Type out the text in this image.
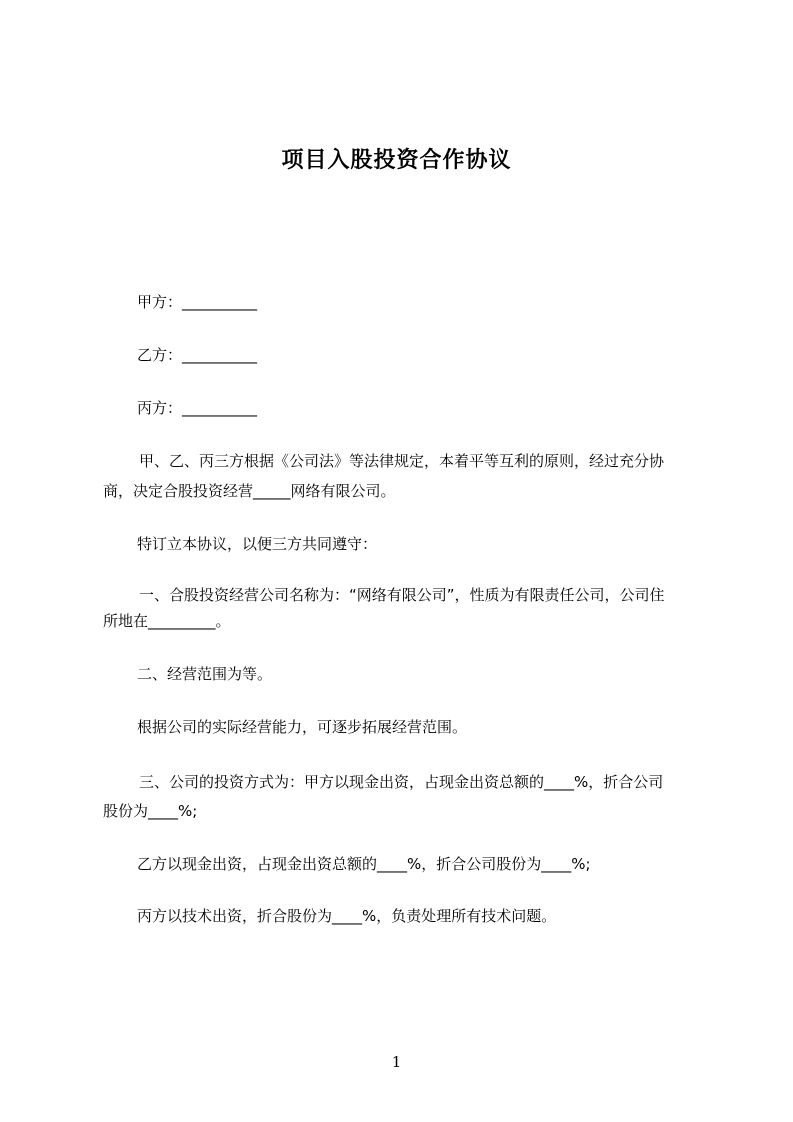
项目入股投资合作协议
甲方：__________
乙方：__________
丙方：__________
甲、乙、丙三方根据《公司法》等法律规定，本着平等互利的原则，经过充分协
商，决定合股投资经营_____网络有限公司。
特订立本协议，以便三方共同遵守：
一、合股投资经营公司名称为：“网络有限公司”，性质为有限责任公司，公司住
所地在_________。
二、经营范围为等。
根据公司的实际经营能力，可逐步拓展经营范围。
三、公司的投资方式为：甲方以现金出资，占现金出资总额的____%，折合公司
股份为____%;
乙方以现金出资，占现金出资总额的____%，折合公司股份为____%;
丙方以技术出资，折合股份为____%，负责处理所有技术问题。
1
